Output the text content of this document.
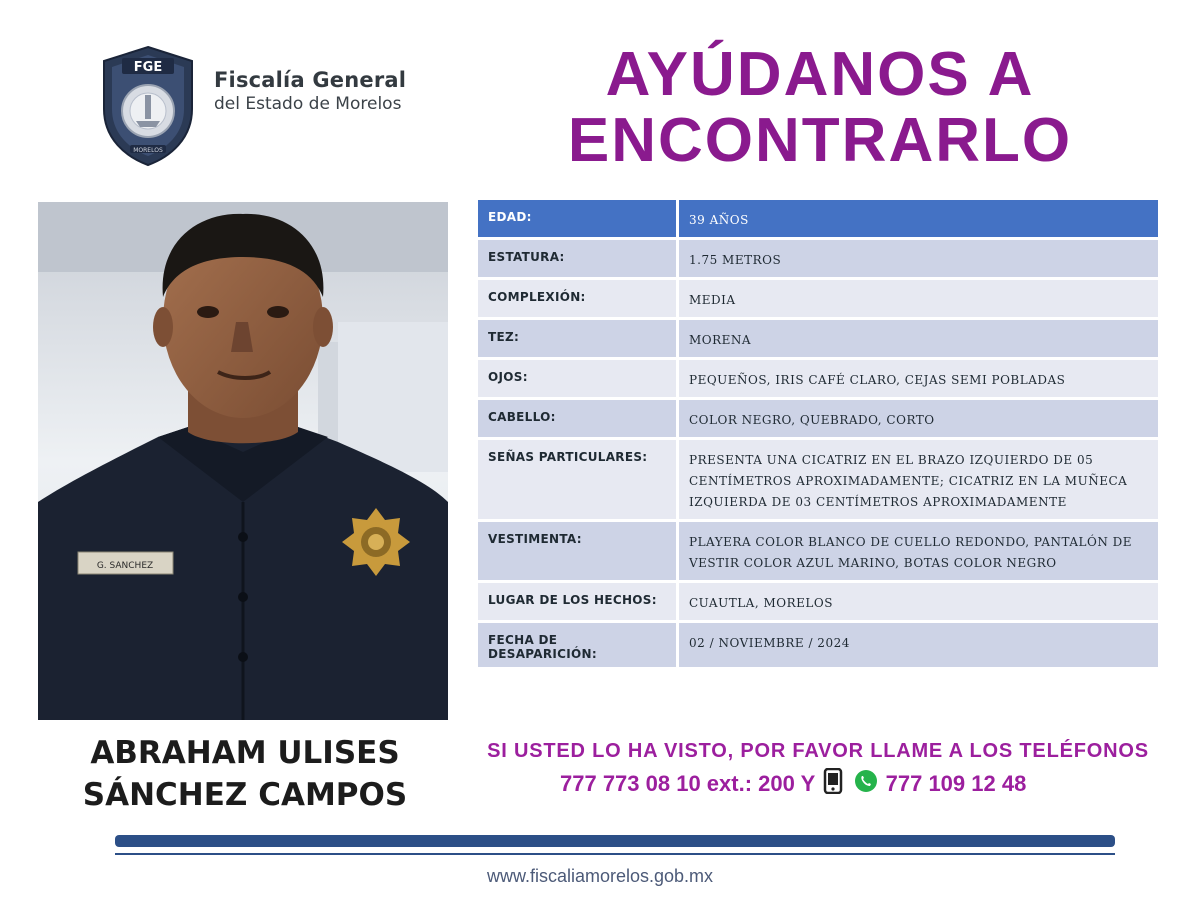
FGE
MORELOS
Fiscalía General
del Estado de Morelos	AYÚDANOS A
ENCONTRARLO
G. SANCHEZ
EDAD:	39 AÑOS
ESTATURA:	1.75 METROS
COMPLEXIÓN:	MEDIA
TEZ:	MORENA
OJOS:	PEQUEÑOS, IRIS CAFÉ CLARO, CEJAS SEMI POBLADAS
CABELLO:	COLOR NEGRO, QUEBRADO, CORTO
SEÑAS PARTICULARES:	PRESENTA UNA CICATRIZ EN EL BRAZO IZQUIERDO DE 05 CENTÍMETROS APROXIMADAMENTE; CICATRIZ EN LA MUÑECA IZQUIERDA DE 03 CENTÍMETROS APROXIMADAMENTE
VESTIMENTA:	PLAYERA COLOR BLANCO DE CUELLO REDONDO, PANTALÓN DE VESTIR COLOR AZUL MARINO, BOTAS COLOR NEGRO
LUGAR DE LOS HECHOS:	CUAUTLA, MORELOS
FECHA DE DESAPARICIÓN:	02 / NOVIEMBRE / 2024
ABRAHAM ULISES
SÁNCHEZ CAMPOS
SI USTED LO HA VISTO, POR FAVOR LLAME A LOS TELÉFONOS
777 773 08 10 ext.: 200 Y	777 109 12 48
www.fiscaliamorelos.gob.mx
